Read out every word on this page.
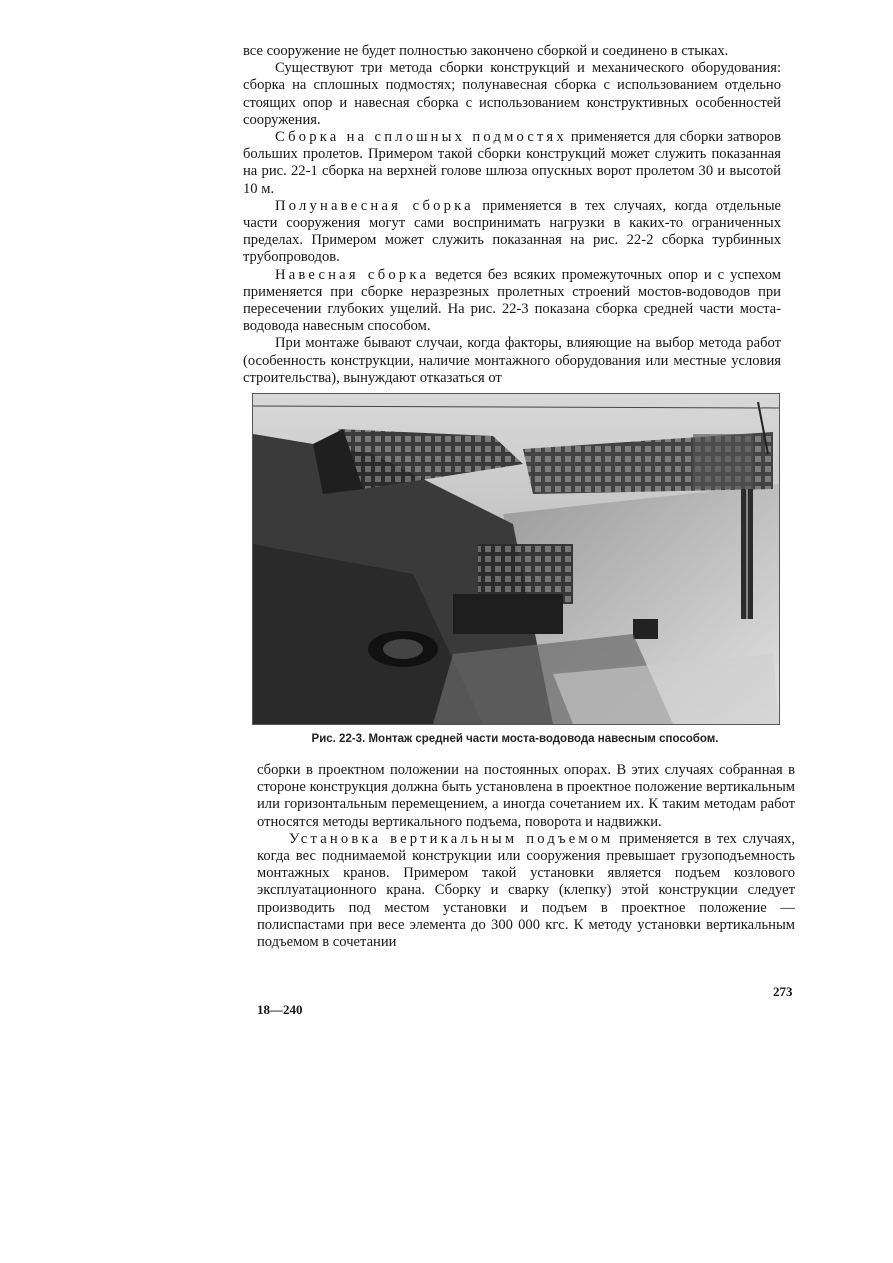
все сооружение не будет полностью закончено сборкой и соединено в стыках.

Существуют три метода сборки конструкций и механического оборудования: сборка на сплошных подмостях; полунавесная сборка с использованием отдельно стоящих опор и навесная сборка с использованием конструктивных особенностей сооружения.

Сборка на сплошных подмостях применяется для сборки затворов больших пролетов. Примером такой сборки конструкций может служить показанная на рис. 22-1 сборка на верхней голове шлюза опускных ворот пролетом 30 и высотой 10 м.

Полунавесная сборка применяется в тех случаях, когда отдельные части сооружения могут сами воспринимать нагрузки в каких-то ограниченных пределах. Примером может служить показанная на рис. 22-2 сборка турбинных трубопроводов.

Навесная сборка ведется без всяких промежуточных опор и с успехом применяется при сборке неразрезных пролетных строений мостов-водоводов при пересечении глубоких ущелий. На рис. 22-3 показана сборка средней части моста-водовода навесным способом.

При монтаже бывают случаи, когда факторы, влияющие на выбор метода работ (особенность конструкции, наличие монтажного оборудования или местные условия строительства), вынуждают отказаться от

Рис. 22-3. Монтаж средней части моста-водовода навесным способом.

сборки в проектном положении на постоянных опорах. В этих случаях собранная в стороне конструкция должна быть установлена в проектное положение вертикальным или горизонтальным перемещением, а иногда сочетанием их. К таким методам работ относятся методы вертикального подъема, поворота и надвижки.

Установка вертикальным подъемом применяется в тех случаях, когда вес поднимаемой конструкции или сооружения превышает грузоподъемность монтажных кранов. Примером такой установки является подъем козлового эксплуатационного крана. Сборку и сварку (клепку) этой конструкции следует производить под местом установки и подъем в проектное положение — полиспастами при весе элемента до 300 000 кгс. К методу установки вертикальным подъемом в сочетании

273
18—240
